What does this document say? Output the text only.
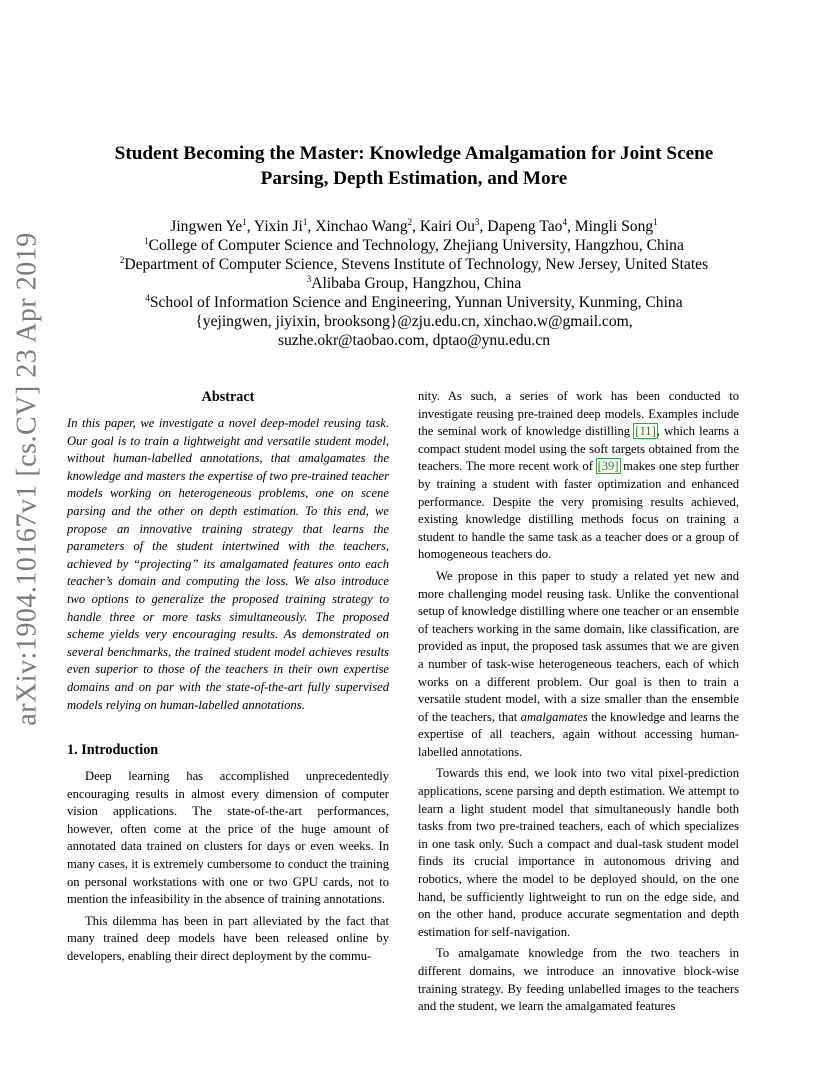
arXiv:1904.10167v1 [cs.CV] 23 Apr 2019
Student Becoming the Master: Knowledge Amalgamation for Joint Scene
Parsing, Depth Estimation, and More
Jingwen Ye$^1$, Yixin Ji$^1$, Xinchao Wang$^2$, Kairi Ou$^3$, Dapeng Tao$^4$, Mingli Song$^1$
$^1$College of Computer Science and Technology, Zhejiang University, Hangzhou, China
$^2$Department of Computer Science, Stevens Institute of Technology, New Jersey, United States
$^3$Alibaba Group, Hangzhou, China
$^4$School of Information Science and Engineering, Yunnan University, Kunming, China
{yejingwen, jiyixin, brooksong}@zju.edu.cn, xinchao.w@gmail.com,
suzhe.okr@taobao.com, dptao@ynu.edu.cn
Abstract

In this paper, we investigate a novel deep-model reusing task. Our goal is to train a lightweight and versatile student model, without human-labelled annotations, that amalgamates the knowledge and masters the expertise of two pre-trained teacher models working on heterogeneous problems, one on scene parsing and the other on depth estimation. To this end, we propose an innovative training strategy that learns the parameters of the student intertwined with the teachers, achieved by “projecting” its amalgamated features onto each teacher’s domain and computing the loss. We also introduce two options to generalize the proposed training strategy to handle three or more tasks simultaneously. The proposed scheme yields very encouraging results. As demonstrated on several benchmarks, the trained student model achieves results even superior to those of the teachers in their own expertise domains and on par with the state-of-the-art fully supervised models relying on human-labelled annotations.

1. Introduction

Deep learning has accomplished unprecedentedly encouraging results in almost every dimension of computer vision applications. The state-of-the-art performances, however, often come at the price of the huge amount of annotated data trained on clusters for days or even weeks. In many cases, it is extremely cumbersome to conduct the training on personal workstations with one or two GPU cards, not to mention the infeasibility in the absence of training annotations.

This dilemma has been in part alleviated by the fact that many trained deep models have been released online by developers, enabling their direct deployment by the commu-

nity. As such, a series of work has been conducted to investigate reusing pre-trained deep models. Examples include the seminal work of knowledge distilling [11], which learns a compact student model using the soft targets obtained from the teachers. The more recent work of [39] makes one step further by training a student with faster optimization and enhanced performance. Despite the very promising results achieved, existing knowledge distilling methods focus on training a student to handle the same task as a teacher does or a group of homogeneous teachers do.

We propose in this paper to study a related yet new and more challenging model reusing task. Unlike the conventional setup of knowledge distilling where one teacher or an ensemble of teachers working in the same domain, like classification, are provided as input, the proposed task assumes that we are given a number of task-wise heterogeneous teachers, each of which works on a different problem. Our goal is then to train a versatile student model, with a size smaller than the ensemble of the teachers, that amalgamates the knowledge and learns the expertise of all teachers, again without accessing human-labelled annotations.

Towards this end, we look into two vital pixel-prediction applications, scene parsing and depth estimation. We attempt to learn a light student model that simultaneously handle both tasks from two pre-trained teachers, each of which specializes in one task only. Such a compact and dual-task student model finds its crucial importance in autonomous driving and robotics, where the model to be deployed should, on the one hand, be sufficiently lightweight to run on the edge side, and on the other hand, produce accurate segmentation and depth estimation for self-navigation.

To amalgamate knowledge from the two teachers in different domains, we introduce an innovative block-wise training strategy. By feeding unlabelled images to the teachers and the student, we learn the amalgamated features
